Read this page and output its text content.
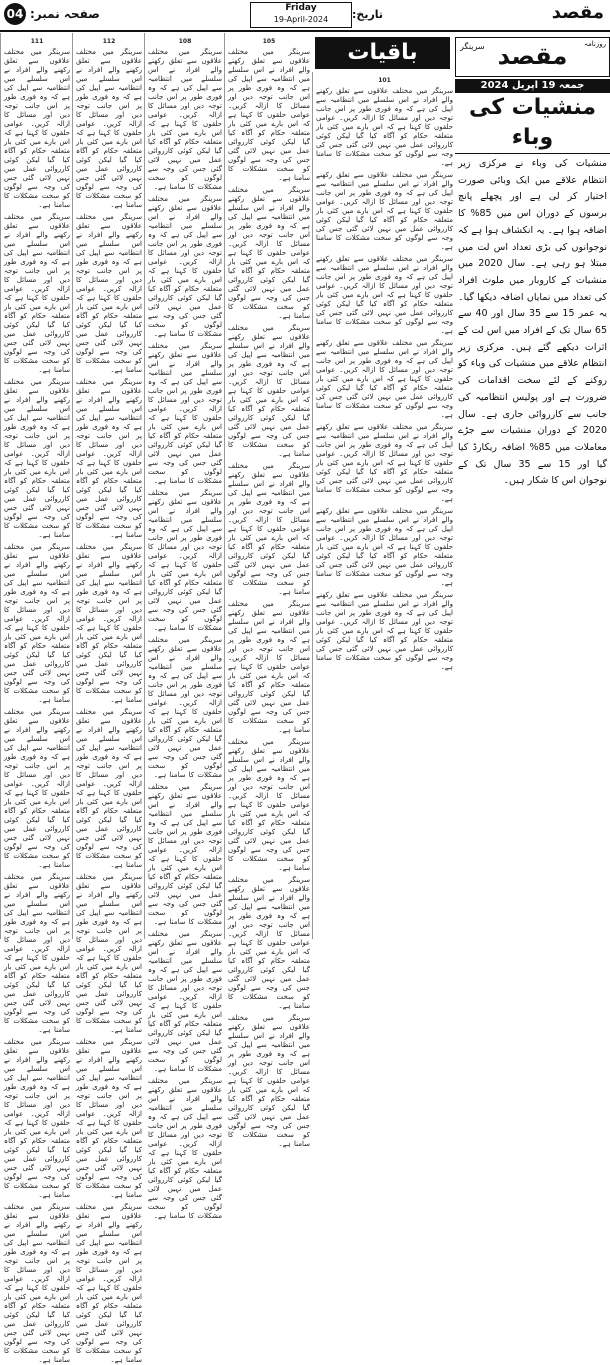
04 صفحہ نمبر:	Friday
19-April-2024	تاریخ:	مقصد
111
سرینگر میں مختلف علاقوں سے تعلق رکھنے والے افراد نے اس سلسلے میں انتظامیہ سے اپیل کی ہے کہ وہ فوری طور پر اس جانب توجہ دیں اور مسائل کا ازالہ کریں۔ عوامی حلقوں کا کہنا ہے کہ اس بارے میں کئی بار متعلقہ حکام کو آگاہ کیا گیا لیکن کوئی کارروائی عمل میں نہیں لائی گئی جس کی وجہ سے لوگوں کو سخت مشکلات کا سامنا ہے۔
سرینگر میں مختلف علاقوں سے تعلق رکھنے والے افراد نے اس سلسلے میں انتظامیہ سے اپیل کی ہے کہ وہ فوری طور پر اس جانب توجہ دیں اور مسائل کا ازالہ کریں۔ عوامی حلقوں کا کہنا ہے کہ اس بارے میں کئی بار متعلقہ حکام کو آگاہ کیا گیا لیکن کوئی کارروائی عمل میں نہیں لائی گئی جس کی وجہ سے لوگوں کو سخت مشکلات کا سامنا ہے۔
سرینگر میں مختلف علاقوں سے تعلق رکھنے والے افراد نے اس سلسلے میں انتظامیہ سے اپیل کی ہے کہ وہ فوری طور پر اس جانب توجہ دیں اور مسائل کا ازالہ کریں۔ عوامی حلقوں کا کہنا ہے کہ اس بارے میں کئی بار متعلقہ حکام کو آگاہ کیا گیا لیکن کوئی کارروائی عمل میں نہیں لائی گئی جس کی وجہ سے لوگوں کو سخت مشکلات کا سامنا ہے۔
سرینگر میں مختلف علاقوں سے تعلق رکھنے والے افراد نے اس سلسلے میں انتظامیہ سے اپیل کی ہے کہ وہ فوری طور پر اس جانب توجہ دیں اور مسائل کا ازالہ کریں۔ عوامی حلقوں کا کہنا ہے کہ اس بارے میں کئی بار متعلقہ حکام کو آگاہ کیا گیا لیکن کوئی کارروائی عمل میں نہیں لائی گئی جس کی وجہ سے لوگوں کو سخت مشکلات کا سامنا ہے۔
سرینگر میں مختلف علاقوں سے تعلق رکھنے والے افراد نے اس سلسلے میں انتظامیہ سے اپیل کی ہے کہ وہ فوری طور پر اس جانب توجہ دیں اور مسائل کا ازالہ کریں۔ عوامی حلقوں کا کہنا ہے کہ اس بارے میں کئی بار متعلقہ حکام کو آگاہ کیا گیا لیکن کوئی کارروائی عمل میں نہیں لائی گئی جس کی وجہ سے لوگوں کو سخت مشکلات کا سامنا ہے۔
سرینگر میں مختلف علاقوں سے تعلق رکھنے والے افراد نے اس سلسلے میں انتظامیہ سے اپیل کی ہے کہ وہ فوری طور پر اس جانب توجہ دیں اور مسائل کا ازالہ کریں۔ عوامی حلقوں کا کہنا ہے کہ اس بارے میں کئی بار متعلقہ حکام کو آگاہ کیا گیا لیکن کوئی کارروائی عمل میں نہیں لائی گئی جس کی وجہ سے لوگوں کو سخت مشکلات کا سامنا ہے۔
سرینگر میں مختلف علاقوں سے تعلق رکھنے والے افراد نے اس سلسلے میں انتظامیہ سے اپیل کی ہے کہ وہ فوری طور پر اس جانب توجہ دیں اور مسائل کا ازالہ کریں۔ عوامی حلقوں کا کہنا ہے کہ اس بارے میں کئی بار متعلقہ حکام کو آگاہ کیا گیا لیکن کوئی کارروائی عمل میں نہیں لائی گئی جس کی وجہ سے لوگوں کو سخت مشکلات کا سامنا ہے۔
سرینگر میں مختلف علاقوں سے تعلق رکھنے والے افراد نے اس سلسلے میں انتظامیہ سے اپیل کی ہے کہ وہ فوری طور پر اس جانب توجہ دیں اور مسائل کا ازالہ کریں۔ عوامی حلقوں کا کہنا ہے کہ اس بارے میں کئی بار متعلقہ حکام کو آگاہ کیا گیا لیکن کوئی کارروائی عمل میں نہیں لائی گئی جس کی وجہ سے لوگوں کو سخت مشکلات کا سامنا ہے۔
112
سرینگر میں مختلف علاقوں سے تعلق رکھنے والے افراد نے اس سلسلے میں انتظامیہ سے اپیل کی ہے کہ وہ فوری طور پر اس جانب توجہ دیں اور مسائل کا ازالہ کریں۔ عوامی حلقوں کا کہنا ہے کہ اس بارے میں کئی بار متعلقہ حکام کو آگاہ کیا گیا لیکن کوئی کارروائی عمل میں نہیں لائی گئی جس کی وجہ سے لوگوں کو سخت مشکلات کا سامنا ہے۔
سرینگر میں مختلف علاقوں سے تعلق رکھنے والے افراد نے اس سلسلے میں انتظامیہ سے اپیل کی ہے کہ وہ فوری طور پر اس جانب توجہ دیں اور مسائل کا ازالہ کریں۔ عوامی حلقوں کا کہنا ہے کہ اس بارے میں کئی بار متعلقہ حکام کو آگاہ کیا گیا لیکن کوئی کارروائی عمل میں نہیں لائی گئی جس کی وجہ سے لوگوں کو سخت مشکلات کا سامنا ہے۔
سرینگر میں مختلف علاقوں سے تعلق رکھنے والے افراد نے اس سلسلے میں انتظامیہ سے اپیل کی ہے کہ وہ فوری طور پر اس جانب توجہ دیں اور مسائل کا ازالہ کریں۔ عوامی حلقوں کا کہنا ہے کہ اس بارے میں کئی بار متعلقہ حکام کو آگاہ کیا گیا لیکن کوئی کارروائی عمل میں نہیں لائی گئی جس کی وجہ سے لوگوں کو سخت مشکلات کا سامنا ہے۔
سرینگر میں مختلف علاقوں سے تعلق رکھنے والے افراد نے اس سلسلے میں انتظامیہ سے اپیل کی ہے کہ وہ فوری طور پر اس جانب توجہ دیں اور مسائل کا ازالہ کریں۔ عوامی حلقوں کا کہنا ہے کہ اس بارے میں کئی بار متعلقہ حکام کو آگاہ کیا گیا لیکن کوئی کارروائی عمل میں نہیں لائی گئی جس کی وجہ سے لوگوں کو سخت مشکلات کا سامنا ہے۔
سرینگر میں مختلف علاقوں سے تعلق رکھنے والے افراد نے اس سلسلے میں انتظامیہ سے اپیل کی ہے کہ وہ فوری طور پر اس جانب توجہ دیں اور مسائل کا ازالہ کریں۔ عوامی حلقوں کا کہنا ہے کہ اس بارے میں کئی بار متعلقہ حکام کو آگاہ کیا گیا لیکن کوئی کارروائی عمل میں نہیں لائی گئی جس کی وجہ سے لوگوں کو سخت مشکلات کا سامنا ہے۔
سرینگر میں مختلف علاقوں سے تعلق رکھنے والے افراد نے اس سلسلے میں انتظامیہ سے اپیل کی ہے کہ وہ فوری طور پر اس جانب توجہ دیں اور مسائل کا ازالہ کریں۔ عوامی حلقوں کا کہنا ہے کہ اس بارے میں کئی بار متعلقہ حکام کو آگاہ کیا گیا لیکن کوئی کارروائی عمل میں نہیں لائی گئی جس کی وجہ سے لوگوں کو سخت مشکلات کا سامنا ہے۔
سرینگر میں مختلف علاقوں سے تعلق رکھنے والے افراد نے اس سلسلے میں انتظامیہ سے اپیل کی ہے کہ وہ فوری طور پر اس جانب توجہ دیں اور مسائل کا ازالہ کریں۔ عوامی حلقوں کا کہنا ہے کہ اس بارے میں کئی بار متعلقہ حکام کو آگاہ کیا گیا لیکن کوئی کارروائی عمل میں نہیں لائی گئی جس کی وجہ سے لوگوں کو سخت مشکلات کا سامنا ہے۔
سرینگر میں مختلف علاقوں سے تعلق رکھنے والے افراد نے اس سلسلے میں انتظامیہ سے اپیل کی ہے کہ وہ فوری طور پر اس جانب توجہ دیں اور مسائل کا ازالہ کریں۔ عوامی حلقوں کا کہنا ہے کہ اس بارے میں کئی بار متعلقہ حکام کو آگاہ کیا گیا لیکن کوئی کارروائی عمل میں نہیں لائی گئی جس کی وجہ سے لوگوں کو سخت مشکلات کا سامنا ہے۔
108
سرینگر میں مختلف علاقوں سے تعلق رکھنے والے افراد نے اس سلسلے میں انتظامیہ سے اپیل کی ہے کہ وہ فوری طور پر اس جانب توجہ دیں اور مسائل کا ازالہ کریں۔ عوامی حلقوں کا کہنا ہے کہ اس بارے میں کئی بار متعلقہ حکام کو آگاہ کیا گیا لیکن کوئی کارروائی عمل میں نہیں لائی گئی جس کی وجہ سے لوگوں کو سخت مشکلات کا سامنا ہے۔
سرینگر میں مختلف علاقوں سے تعلق رکھنے والے افراد نے اس سلسلے میں انتظامیہ سے اپیل کی ہے کہ وہ فوری طور پر اس جانب توجہ دیں اور مسائل کا ازالہ کریں۔ عوامی حلقوں کا کہنا ہے کہ اس بارے میں کئی بار متعلقہ حکام کو آگاہ کیا گیا لیکن کوئی کارروائی عمل میں نہیں لائی گئی جس کی وجہ سے لوگوں کو سخت مشکلات کا سامنا ہے۔
سرینگر میں مختلف علاقوں سے تعلق رکھنے والے افراد نے اس سلسلے میں انتظامیہ سے اپیل کی ہے کہ وہ فوری طور پر اس جانب توجہ دیں اور مسائل کا ازالہ کریں۔ عوامی حلقوں کا کہنا ہے کہ اس بارے میں کئی بار متعلقہ حکام کو آگاہ کیا گیا لیکن کوئی کارروائی عمل میں نہیں لائی گئی جس کی وجہ سے لوگوں کو سخت مشکلات کا سامنا ہے۔
سرینگر میں مختلف علاقوں سے تعلق رکھنے والے افراد نے اس سلسلے میں انتظامیہ سے اپیل کی ہے کہ وہ فوری طور پر اس جانب توجہ دیں اور مسائل کا ازالہ کریں۔ عوامی حلقوں کا کہنا ہے کہ اس بارے میں کئی بار متعلقہ حکام کو آگاہ کیا گیا لیکن کوئی کارروائی عمل میں نہیں لائی گئی جس کی وجہ سے لوگوں کو سخت مشکلات کا سامنا ہے۔
سرینگر میں مختلف علاقوں سے تعلق رکھنے والے افراد نے اس سلسلے میں انتظامیہ سے اپیل کی ہے کہ وہ فوری طور پر اس جانب توجہ دیں اور مسائل کا ازالہ کریں۔ عوامی حلقوں کا کہنا ہے کہ اس بارے میں کئی بار متعلقہ حکام کو آگاہ کیا گیا لیکن کوئی کارروائی عمل میں نہیں لائی گئی جس کی وجہ سے لوگوں کو سخت مشکلات کا سامنا ہے۔
سرینگر میں مختلف علاقوں سے تعلق رکھنے والے افراد نے اس سلسلے میں انتظامیہ سے اپیل کی ہے کہ وہ فوری طور پر اس جانب توجہ دیں اور مسائل کا ازالہ کریں۔ عوامی حلقوں کا کہنا ہے کہ اس بارے میں کئی بار متعلقہ حکام کو آگاہ کیا گیا لیکن کوئی کارروائی عمل میں نہیں لائی گئی جس کی وجہ سے لوگوں کو سخت مشکلات کا سامنا ہے۔
سرینگر میں مختلف علاقوں سے تعلق رکھنے والے افراد نے اس سلسلے میں انتظامیہ سے اپیل کی ہے کہ وہ فوری طور پر اس جانب توجہ دیں اور مسائل کا ازالہ کریں۔ عوامی حلقوں کا کہنا ہے کہ اس بارے میں کئی بار متعلقہ حکام کو آگاہ کیا گیا لیکن کوئی کارروائی عمل میں نہیں لائی گئی جس کی وجہ سے لوگوں کو سخت مشکلات کا سامنا ہے۔
سرینگر میں مختلف علاقوں سے تعلق رکھنے والے افراد نے اس سلسلے میں انتظامیہ سے اپیل کی ہے کہ وہ فوری طور پر اس جانب توجہ دیں اور مسائل کا ازالہ کریں۔ عوامی حلقوں کا کہنا ہے کہ اس بارے میں کئی بار متعلقہ حکام کو آگاہ کیا گیا لیکن کوئی کارروائی عمل میں نہیں لائی گئی جس کی وجہ سے لوگوں کو سخت مشکلات کا سامنا ہے۔
105
سرینگر میں مختلف علاقوں سے تعلق رکھنے والے افراد نے اس سلسلے میں انتظامیہ سے اپیل کی ہے کہ وہ فوری طور پر اس جانب توجہ دیں اور مسائل کا ازالہ کریں۔ عوامی حلقوں کا کہنا ہے کہ اس بارے میں کئی بار متعلقہ حکام کو آگاہ کیا گیا لیکن کوئی کارروائی عمل میں نہیں لائی گئی جس کی وجہ سے لوگوں کو سخت مشکلات کا سامنا ہے۔
سرینگر میں مختلف علاقوں سے تعلق رکھنے والے افراد نے اس سلسلے میں انتظامیہ سے اپیل کی ہے کہ وہ فوری طور پر اس جانب توجہ دیں اور مسائل کا ازالہ کریں۔ عوامی حلقوں کا کہنا ہے کہ اس بارے میں کئی بار متعلقہ حکام کو آگاہ کیا گیا لیکن کوئی کارروائی عمل میں نہیں لائی گئی جس کی وجہ سے لوگوں کو سخت مشکلات کا سامنا ہے۔
سرینگر میں مختلف علاقوں سے تعلق رکھنے والے افراد نے اس سلسلے میں انتظامیہ سے اپیل کی ہے کہ وہ فوری طور پر اس جانب توجہ دیں اور مسائل کا ازالہ کریں۔ عوامی حلقوں کا کہنا ہے کہ اس بارے میں کئی بار متعلقہ حکام کو آگاہ کیا گیا لیکن کوئی کارروائی عمل میں نہیں لائی گئی جس کی وجہ سے لوگوں کو سخت مشکلات کا سامنا ہے۔
سرینگر میں مختلف علاقوں سے تعلق رکھنے والے افراد نے اس سلسلے میں انتظامیہ سے اپیل کی ہے کہ وہ فوری طور پر اس جانب توجہ دیں اور مسائل کا ازالہ کریں۔ عوامی حلقوں کا کہنا ہے کہ اس بارے میں کئی بار متعلقہ حکام کو آگاہ کیا گیا لیکن کوئی کارروائی عمل میں نہیں لائی گئی جس کی وجہ سے لوگوں کو سخت مشکلات کا سامنا ہے۔
سرینگر میں مختلف علاقوں سے تعلق رکھنے والے افراد نے اس سلسلے میں انتظامیہ سے اپیل کی ہے کہ وہ فوری طور پر اس جانب توجہ دیں اور مسائل کا ازالہ کریں۔ عوامی حلقوں کا کہنا ہے کہ اس بارے میں کئی بار متعلقہ حکام کو آگاہ کیا گیا لیکن کوئی کارروائی عمل میں نہیں لائی گئی جس کی وجہ سے لوگوں کو سخت مشکلات کا سامنا ہے۔
سرینگر میں مختلف علاقوں سے تعلق رکھنے والے افراد نے اس سلسلے میں انتظامیہ سے اپیل کی ہے کہ وہ فوری طور پر اس جانب توجہ دیں اور مسائل کا ازالہ کریں۔ عوامی حلقوں کا کہنا ہے کہ اس بارے میں کئی بار متعلقہ حکام کو آگاہ کیا گیا لیکن کوئی کارروائی عمل میں نہیں لائی گئی جس کی وجہ سے لوگوں کو سخت مشکلات کا سامنا ہے۔
سرینگر میں مختلف علاقوں سے تعلق رکھنے والے افراد نے اس سلسلے میں انتظامیہ سے اپیل کی ہے کہ وہ فوری طور پر اس جانب توجہ دیں اور مسائل کا ازالہ کریں۔ عوامی حلقوں کا کہنا ہے کہ اس بارے میں کئی بار متعلقہ حکام کو آگاہ کیا گیا لیکن کوئی کارروائی عمل میں نہیں لائی گئی جس کی وجہ سے لوگوں کو سخت مشکلات کا سامنا ہے۔
سرینگر میں مختلف علاقوں سے تعلق رکھنے والے افراد نے اس سلسلے میں انتظامیہ سے اپیل کی ہے کہ وہ فوری طور پر اس جانب توجہ دیں اور مسائل کا ازالہ کریں۔ عوامی حلقوں کا کہنا ہے کہ اس بارے میں کئی بار متعلقہ حکام کو آگاہ کیا گیا لیکن کوئی کارروائی عمل میں نہیں لائی گئی جس کی وجہ سے لوگوں کو سخت مشکلات کا سامنا ہے۔
101
سرینگر میں مختلف علاقوں سے تعلق رکھنے والے افراد نے اس سلسلے میں انتظامیہ سے اپیل کی ہے کہ وہ فوری طور پر اس جانب توجہ دیں اور مسائل کا ازالہ کریں۔ عوامی حلقوں کا کہنا ہے کہ اس بارے میں کئی بار متعلقہ حکام کو آگاہ کیا گیا لیکن کوئی کارروائی عمل میں نہیں لائی گئی جس کی وجہ سے لوگوں کو سخت مشکلات کا سامنا ہے۔
سرینگر میں مختلف علاقوں سے تعلق رکھنے والے افراد نے اس سلسلے میں انتظامیہ سے اپیل کی ہے کہ وہ فوری طور پر اس جانب توجہ دیں اور مسائل کا ازالہ کریں۔ عوامی حلقوں کا کہنا ہے کہ اس بارے میں کئی بار متعلقہ حکام کو آگاہ کیا گیا لیکن کوئی کارروائی عمل میں نہیں لائی گئی جس کی وجہ سے لوگوں کو سخت مشکلات کا سامنا ہے۔
سرینگر میں مختلف علاقوں سے تعلق رکھنے والے افراد نے اس سلسلے میں انتظامیہ سے اپیل کی ہے کہ وہ فوری طور پر اس جانب توجہ دیں اور مسائل کا ازالہ کریں۔ عوامی حلقوں کا کہنا ہے کہ اس بارے میں کئی بار متعلقہ حکام کو آگاہ کیا گیا لیکن کوئی کارروائی عمل میں نہیں لائی گئی جس کی وجہ سے لوگوں کو سخت مشکلات کا سامنا ہے۔
سرینگر میں مختلف علاقوں سے تعلق رکھنے والے افراد نے اس سلسلے میں انتظامیہ سے اپیل کی ہے کہ وہ فوری طور پر اس جانب توجہ دیں اور مسائل کا ازالہ کریں۔ عوامی حلقوں کا کہنا ہے کہ اس بارے میں کئی بار متعلقہ حکام کو آگاہ کیا گیا لیکن کوئی کارروائی عمل میں نہیں لائی گئی جس کی وجہ سے لوگوں کو سخت مشکلات کا سامنا ہے۔
سرینگر میں مختلف علاقوں سے تعلق رکھنے والے افراد نے اس سلسلے میں انتظامیہ سے اپیل کی ہے کہ وہ فوری طور پر اس جانب توجہ دیں اور مسائل کا ازالہ کریں۔ عوامی حلقوں کا کہنا ہے کہ اس بارے میں کئی بار متعلقہ حکام کو آگاہ کیا گیا لیکن کوئی کارروائی عمل میں نہیں لائی گئی جس کی وجہ سے لوگوں کو سخت مشکلات کا سامنا ہے۔
سرینگر میں مختلف علاقوں سے تعلق رکھنے والے افراد نے اس سلسلے میں انتظامیہ سے اپیل کی ہے کہ وہ فوری طور پر اس جانب توجہ دیں اور مسائل کا ازالہ کریں۔ عوامی حلقوں کا کہنا ہے کہ اس بارے میں کئی بار متعلقہ حکام کو آگاہ کیا گیا لیکن کوئی کارروائی عمل میں نہیں لائی گئی جس کی وجہ سے لوگوں کو سخت مشکلات کا سامنا ہے۔
سرینگر میں مختلف علاقوں سے تعلق رکھنے والے افراد نے اس سلسلے میں انتظامیہ سے اپیل کی ہے کہ وہ فوری طور پر اس جانب توجہ دیں اور مسائل کا ازالہ کریں۔ عوامی حلقوں کا کہنا ہے کہ اس بارے میں کئی بار متعلقہ حکام کو آگاہ کیا گیا لیکن کوئی کارروائی عمل میں نہیں لائی گئی جس کی وجہ سے لوگوں کو سخت مشکلات کا سامنا ہے۔
باقیات	روزنامہ
مقصد
سرینگر
جمعہ 19 اپریل 2024
منشیات کی وباء
منشیات کی وباء نے مرکزی زیر انتظام علاقے میں ایک وبائی صورت اختیار کر لی ہے اور پچھلے پانچ برسوں کے دوران اس میں 85% کا اضافہ ہوا ہے۔ یہ انکشاف ہوا ہے کہ نوجوانوں کی بڑی تعداد اس لت میں مبتلا ہو رہی ہے۔ سال 2020 میں منشیات کے کاروبار میں ملوث افراد کی تعداد میں نمایاں اضافہ دیکھا گیا۔ یہ عمر 15 سے 35 سال اور 40 سے 65 سال تک کے افراد میں اس لت کے اثرات دیکھے گئے ہیں۔ مرکزی زیر انتظام علاقے میں منشیات کی وباء کو روکنے کے لئے سخت اقدامات کی ضرورت ہے اور پولیس انتظامیہ کی جانب سے کارروائی جاری ہے۔ سال 2020 کے دوران منشیات سے جڑے معاملات میں 85% اضافہ ریکارڈ کیا گیا اور 15 سے 35 سال تک کے نوجوان اس کا شکار ہیں۔
